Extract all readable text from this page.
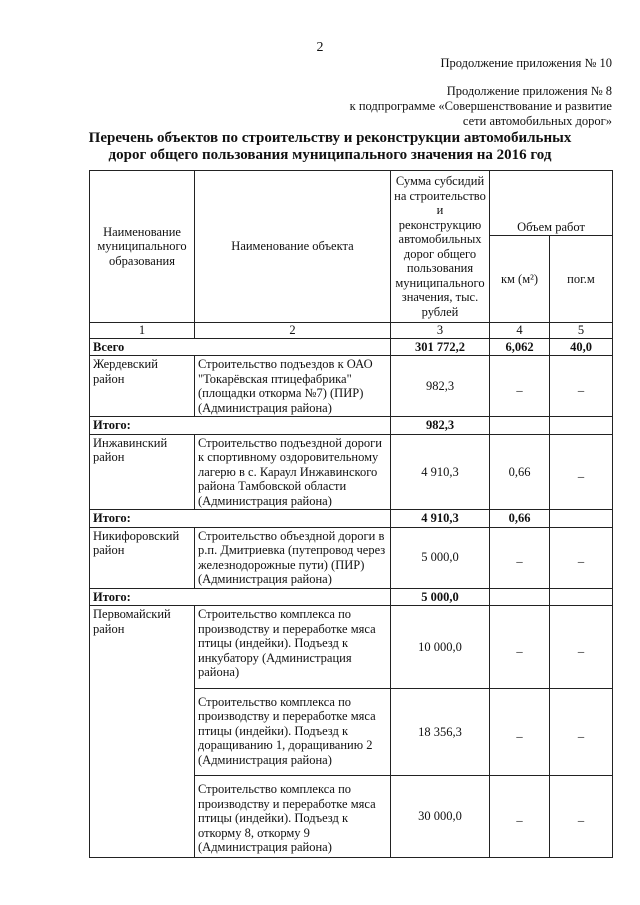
2
Продолжение приложения № 10
Продолжение приложения № 8
к подпрограмме «Совершенствование и развитие
сети автомобильных дорог»
Перечень объектов по строительству и реконструкции автомобильных
дорог общего пользования муниципального значения на 2016 год
Наименование муниципального образования	Наименование объекта	Сумма субсидий на строительство и реконструкцию автомобильных дорог общего пользования муниципального значения, тыс. рублей	Объем работ	
			км (м²)	пог.м
1	2	3	4	5
Всего		301 772,2	6,062	40,0
Жердевский район	Строительство подъездов к ОАО "Токарёвская птицефабрика" (площадки откорма №7) (ПИР) (Администрация района)	982,3	_	_
Итого:		982,3		
Инжавинский район	Строительство подъездной дороги к спортивному оздоровительному лагерю в с. Караул Инжавинского района Тамбовской области (Администрация района)	4 910,3	0,66	_
Итого:		4 910,3	0,66	
Никифоровский район	Строительство объездной дороги в р.п. Дмитриевка (путепровод через железнодорожные пути) (ПИР) (Администрация района)	5 000,0	_	_
Итого:		5 000,0		
Первомайский район	Строительство комплекса по производству и переработке мяса птицы (индейки). Подъезд к инкубатору (Администрация района)	10 000,0	_	_
	Строительство комплекса по производству и переработке мяса птицы (индейки). Подъезд к доращиванию 1, доращиванию 2 (Администрация района)	18 356,3	_	_
	Строительство комплекса по производству и переработке мяса птицы (индейки). Подъезд к откорму 8, откорму 9 (Администрация района)	30 000,0	_	_
